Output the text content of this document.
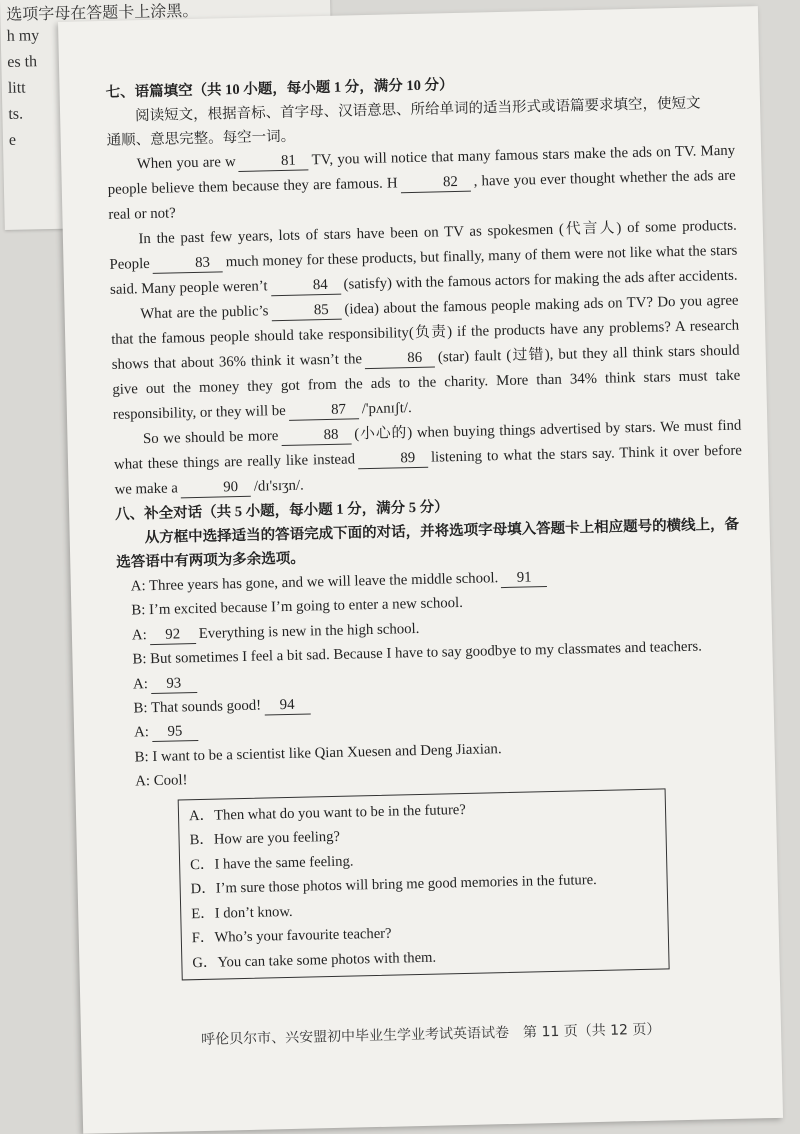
选项字母在答题卡上涂黑。
h my
es th
litt
ts.
e

七、语篇填空（共 10 小题，每小题 1 分，满分 10 分）

阅读短文，根据音标、首字母、汉语意思、所给单词的适当形式或语篇要求填空，使短文

通顺、意思完整。每空一词。

When you are w	81 TV, you will notice that many famous stars make the ads on TV. Many people believe them because they are famous. H	82 , have you ever thought whether the ads are real or not?

In the past few years, lots of stars have been on TV as spokesmen (代言人) of some products. People	83 much money for these products, but finally, many of them were not like what the stars said. Many people weren’t	84 (satisfy) with the famous actors for making the ads after accidents.

What are the public’s	85 (idea) about the famous people making ads on TV? Do you agree that the famous people should take responsibility(负责) if the products have any problems? A research shows that about 36% think it wasn’t the	86 (star) fault (过错), but they all think stars should give out the money they got from the ads to the charity. More than 34% think stars must take responsibility, or they will be	87 /'pʌnɪʃt/.

So we should be more	88 (小心的) when buying things advertised by stars. We must find what these things are really like instead	89 listening to what the stars say. Think it over before we make a	90 /dɪ'sɪʒn/.

八、补全对话（共 5 小题，每小题 1 分，满分 5 分）

从方框中选择适当的答语完成下面的对话，并将选项字母填入答题卡上相应题号的横线上，备选答语中有两项为多余选项。

A: Three years has gone, and we will leave the middle school. 91

B: I’m excited because I’m going to enter a new school.

A: 92 Everything is new in the high school.

B: But sometimes I feel a bit sad. Because I have to say goodbye to my classmates and teachers.

A: 93

B: That sounds good! 94

A: 95

B: I want to be a scientist like Qian Xuesen and Deng Jiaxian.

A: Cool!

A．Then what do you want to be in the future?

B．How are you feeling?

C．I have the same feeling.

D．I’m sure those photos will bring me good memories in the future.

E．I don’t know.

F．Who’s your favourite teacher?

G．You can take some photos with them.

呼伦贝尔市、兴安盟初中毕业生学业考试英语试卷　第 11 页（共 12 页）
